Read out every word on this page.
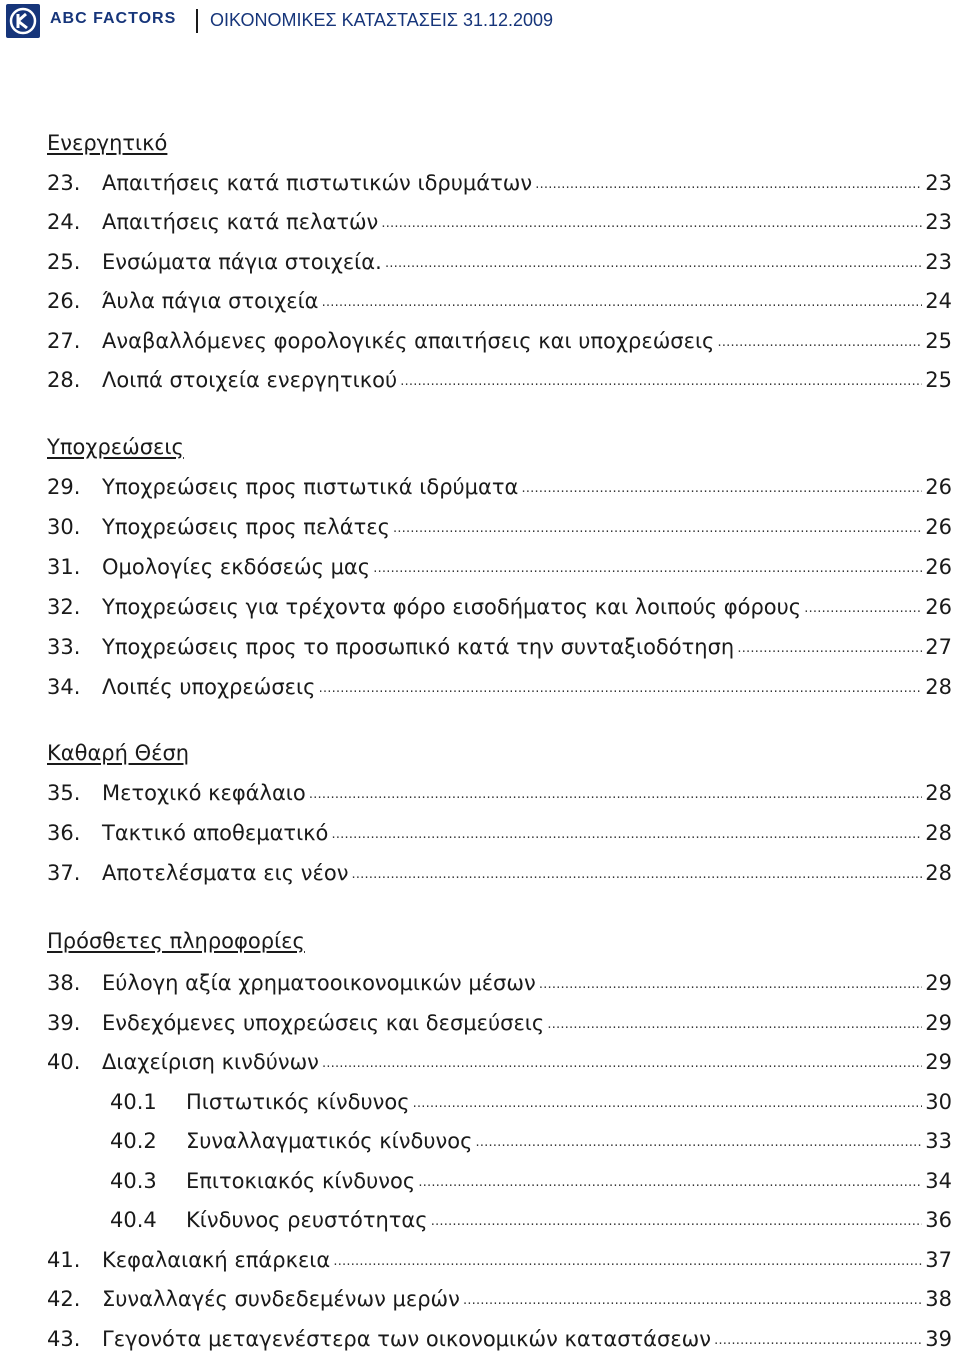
ABC FACTORS ΟΙΚΟΝΟΜΙΚΕΣ ΚΑΤΑΣΤΑΣΕΙΣ 31.12.2009
Ενεργητικό
23. Απαιτήσεις κατά πιστωτικών ιδρυμάτων ………………………………………………………………………………………………………………………………………………	23
24. Απαιτήσεις κατά πελατών ………………………………………………………………………………………………………………………………………………	23
25. Ενσώματα πάγια στοιχεία. ………………………………………………………………………………………………………………………………………………	23
26. Άυλα πάγια στοιχεία ………………………………………………………………………………………………………………………………………………	24
27. Αναβαλλόμενες φορολογικές απαιτήσεις και υποχρεώσεις ………………………………………………………………………………………………………………………………………………	25
28. Λοιπά στοιχεία ενεργητικού ………………………………………………………………………………………………………………………………………………	25
Υποχρεώσεις
29. Υποχρεώσεις προς πιστωτικά ιδρύματα ………………………………………………………………………………………………………………………………………………	26
30. Υποχρεώσεις προς πελάτες ………………………………………………………………………………………………………………………………………………	26
31. Ομολογίες εκδόσεώς μας ………………………………………………………………………………………………………………………………………………	26
32. Υποχρεώσεις για τρέχοντα φόρο εισοδήματος και λοιπούς φόρους ………………………………………………………………………………………………………………………………………………	26
33. Υποχρεώσεις προς το προσωπικό κατά την συνταξιοδότηση ………………………………………………………………………………………………………………………………………………	27
34. Λοιπές υποχρεώσεις ………………………………………………………………………………………………………………………………………………	28
Καθαρή Θέση
35. Μετοχικό κεφάλαιο ………………………………………………………………………………………………………………………………………………	28
36. Τακτικό αποθεματικό ………………………………………………………………………………………………………………………………………………	28
37. Αποτελέσματα εις νέον ………………………………………………………………………………………………………………………………………………	28
Πρόσθετες πληροφορίες
38. Εύλογη αξία χρηματοοικονομικών μέσων ………………………………………………………………………………………………………………………………………………	29
39. Ενδεχόμενες υποχρεώσεις και δεσμεύσεις ………………………………………………………………………………………………………………………………………………	29
40. Διαχείριση κινδύνων ………………………………………………………………………………………………………………………………………………	29
40.1 Πιστωτικός κίνδυνος ………………………………………………………………………………………………………………………………………………	30
40.2 Συναλλαγματικός κίνδυνος ………………………………………………………………………………………………………………………………………………	33
40.3 Επιτοκιακός κίνδυνος ………………………………………………………………………………………………………………………………………………	34
40.4 Κίνδυνος ρευστότητας ………………………………………………………………………………………………………………………………………………	36
41. Κεφαλαιακή επάρκεια ………………………………………………………………………………………………………………………………………………	37
42. Συναλλαγές συνδεδεμένων μερών ………………………………………………………………………………………………………………………………………………	38
43. Γεγονότα μεταγενέστερα των οικονομικών καταστάσεων ………………………………………………………………………………………………………………………………………………	39
